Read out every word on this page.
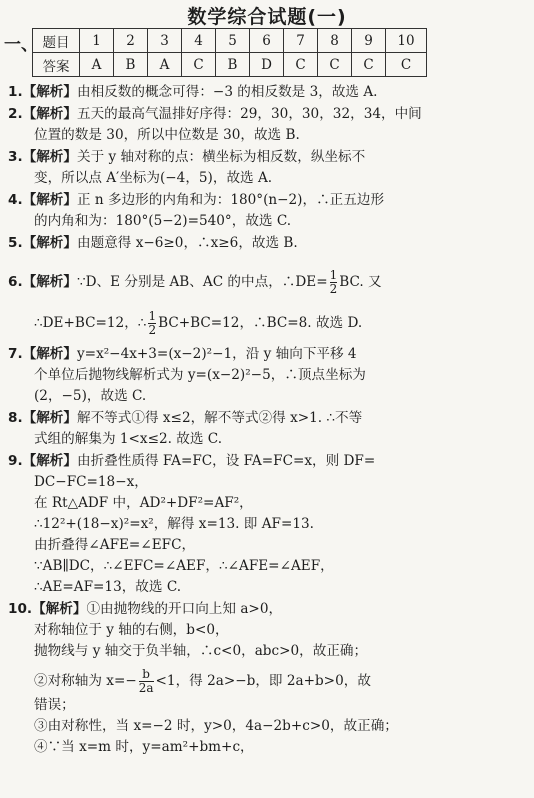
数学综合试题(一)
一、 题目	1	2	3	4	5	6	7	8	9	10
答案	A	B	A	C	B	D	C	C	C	C
1.【解析】由相反数的概念可得：−3 的相反数是 3，故选 A.
2.【解析】五天的最高气温排好序得：29，30，30，32，34，中间
位置的数是 30，所以中位数是 30，故选 B.
3.【解析】关于 y 轴对称的点：横坐标为相反数，纵坐标不
变，所以点 A′坐标为(−4，5)，故选 A.
4.【解析】正 n 多边形的内角和为：180°(n−2)，∴正五边形
的内角和为：180°(5−2)=540°，故选 C.
5.【解析】由题意得 x−6≥0，∴x≥6，故选 B.
6.【解析】∵D、E 分别是 AB、AC 的中点，∴DE= $\frac{1}{2}$ BC. 又
∴DE+BC=12，∴ $\frac{1}{2} BC+BC=12$，∴BC=8. 故选 D.
7.【解析】y=x²−4x+3=(x−2)²−1，沿 y 轴向下平移 4
个单位后抛物线解析式为 y=(x−2)²−5，∴顶点坐标为
(2，−5)，故选 C.
8.【解析】解不等式①得 x≤2，解不等式②得 x>1. ∴不等
式组的解集为 1<x≤2. 故选 C.
9.【解析】由折叠性质得 FA=FC，设 FA=FC=x，则 DF=
DC−FC=18−x，
在 Rt△ADF 中，AD²+DF²=AF²，
∴12²+(18−x)²=x²，解得 x=13. 即 AF=13.
由折叠得∠AFE=∠EFC，
∵AB∥DC，∴∠EFC=∠AEF，∴∠AFE=∠AEF，
∴AE=AF=13，故选 C.
10.【解析】①由抛物线的开口向上知 a>0，
对称轴位于 y 轴的右侧，b<0，
抛物线与 y 轴交于负半轴，∴c<0，abc>0，故正确；
②对称轴为 $x=- \frac{b}{2a} <1$，得 2a>−b，即 2a+b>0，故
错误；
③由对称性，当 x=−2 时，y>0，4a−2b+c>0，故正确；
④∵当 x=m 时，y=am²+bm+c，
